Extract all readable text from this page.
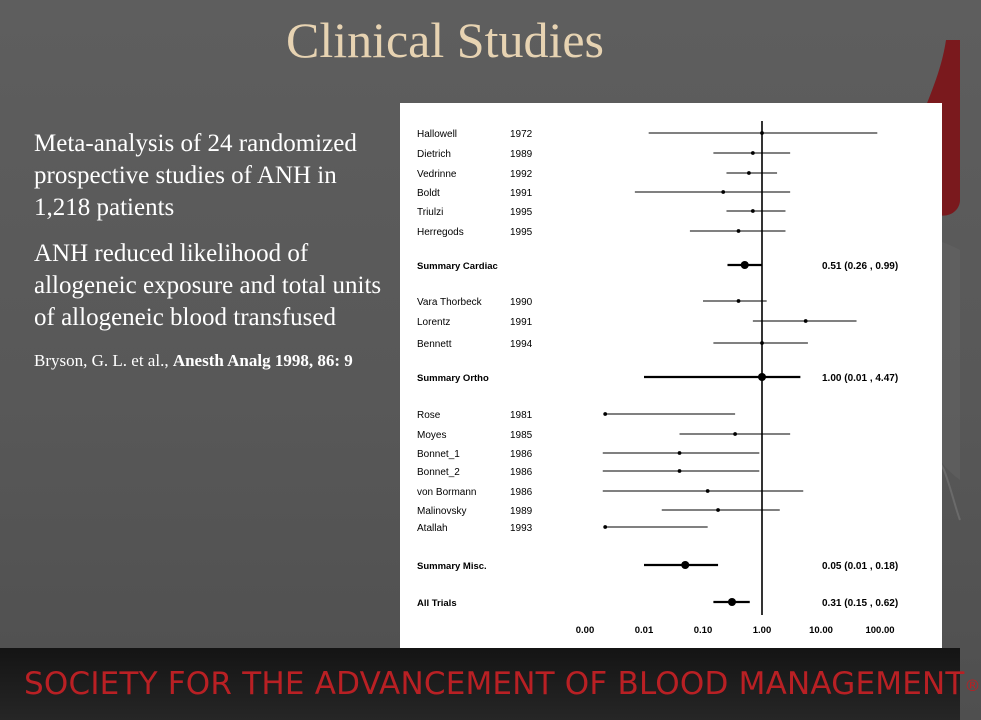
Clinical Studies

Meta-analysis of 24 randomized prospective studies of ANH in 1,218 patients

ANH reduced likelihood of allogeneic exposure and total units of allogeneic blood transfused

Bryson, G. L. et al., Anesth Analg 1998, 86: 9
Hallowell	1972
Dietrich	1989
Vedrinne	1992
Boldt	1991
Triulzi	1995
Herregods	1995
Summary Cardiac	0.51 (0.26 , 0.99)
Vara Thorbeck	1990
Lorentz	1991
Bennett	1994
Summary Ortho	1.00 (0.01 , 4.47)
Rose	1981
Moyes	1985
Bonnet_1	1986
Bonnet_2	1986
von Bormann	1986
Malinovsky	1989
Atallah	1993
Summary Misc.	0.05 (0.01 , 0.18)
All Trials	0.31 (0.15 , 0.62)
0.00	0.01	0.10	1.00	10.00	100.00
SOCIETY FOR THE ADVANCEMENT OF BLOOD MANAGEMENT®
